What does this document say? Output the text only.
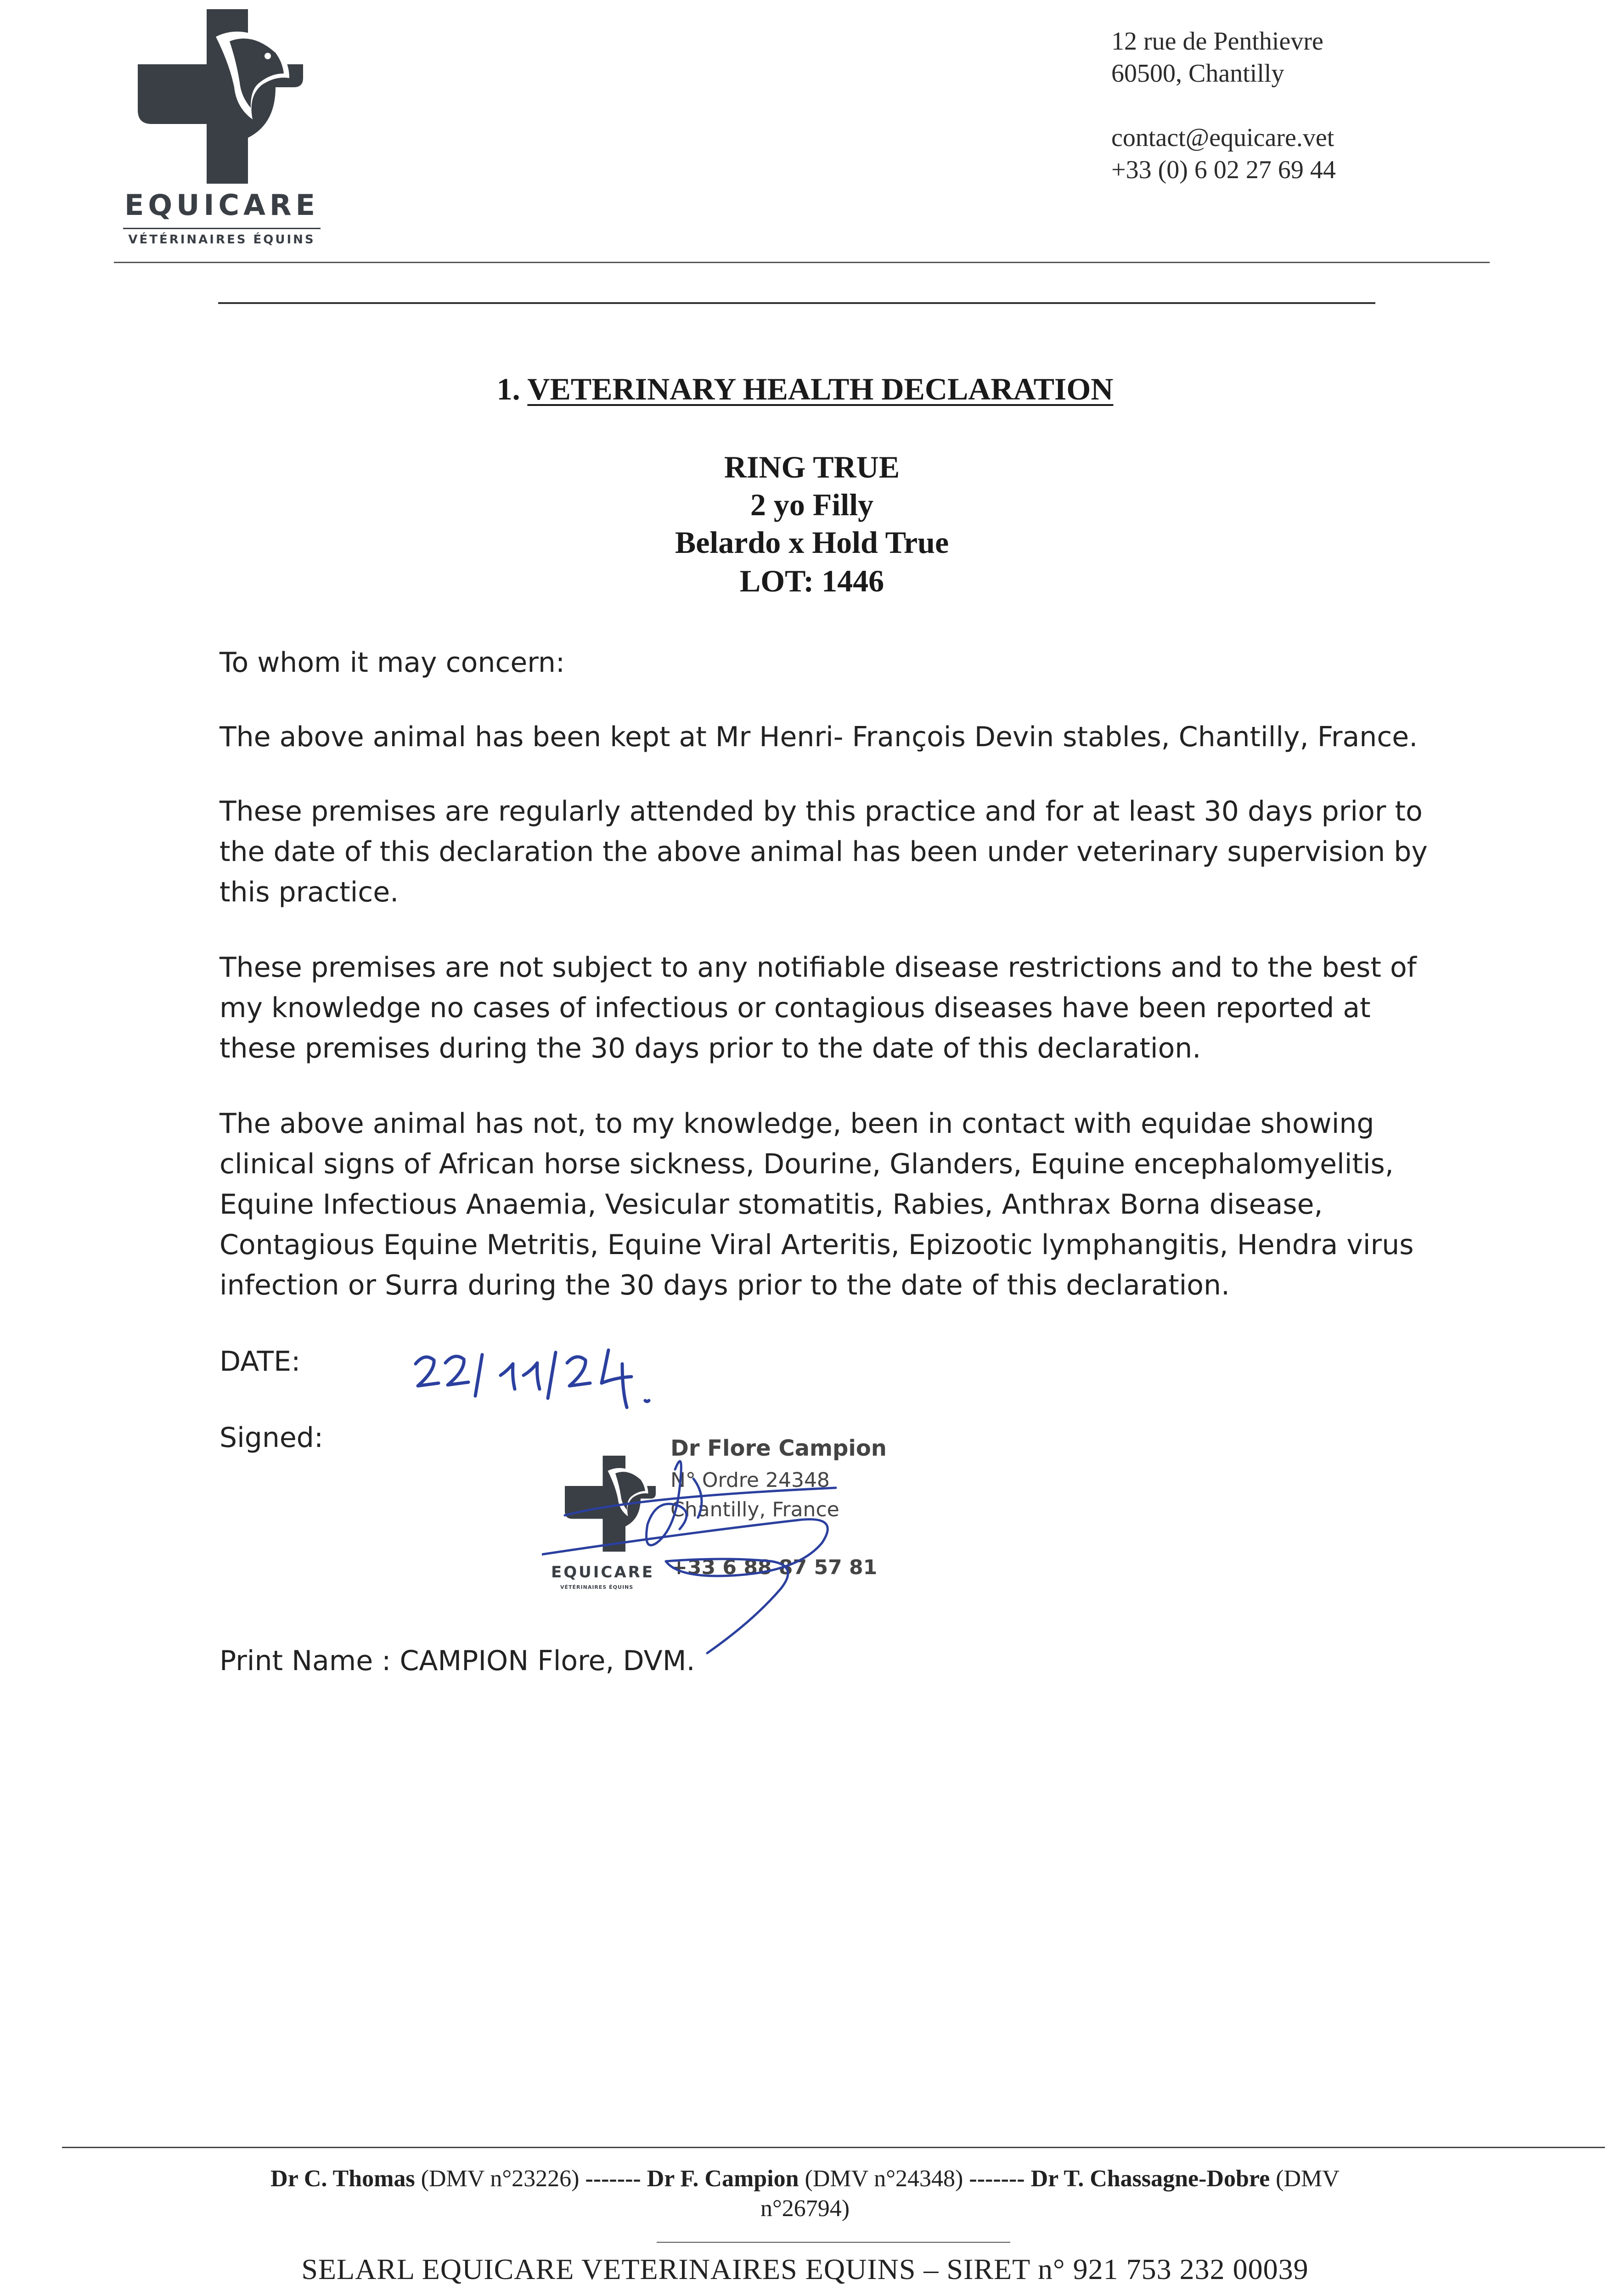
EQUICARE
VÉTÉRINAIRES ÉQUINS
12 rue de Penthievre
60500, Chantilly
contact@equicare.vet
+33 (0) 6 02 27 69 44
1. VETERINARY HEALTH DECLARATION
RING TRUE
2 yo Filly
Belardo x Hold True
LOT: 1446
To whom it may concern:
The above animal has been kept at Mr Henri- François Devin stables, Chantilly, France.
These premises are regularly attended by this practice and for at least 30 days prior to
the date of this declaration the above animal has been under veterinary supervision by
this practice.
These premises are not subject to any notifiable disease restrictions and to the best of
my knowledge no cases of infectious or contagious diseases have been reported at
these premises during the 30 days prior to the date of this declaration.
The above animal has not, to my knowledge, been in contact with equidae showing
clinical signs of African horse sickness, Dourine, Glanders, Equine encephalomyelitis,
Equine Infectious Anaemia, Vesicular stomatitis, Rabies, Anthrax Borna disease,
Contagious Equine Metritis, Equine Viral Arteritis, Epizootic lymphangitis, Hendra virus
infection or Surra during the 30 days prior to the date of this declaration.
DATE:
Signed:
EQUICARE
VÉTÉRINAIRES ÉQUINS
Dr Flore Campion
N° Ordre 24348
Chantilly, France
+33 6 88 87 57 81
Print Name : CAMPION Flore, DVM.
Dr C. Thomas (DMV n°23226) ------- Dr F. Campion (DMV n°24348) ------- Dr T. Chassagne-Dobre (DMV
n°26794)
SELARL EQUICARE VETERINAIRES EQUINS – SIRET n° 921 753 232 00039
